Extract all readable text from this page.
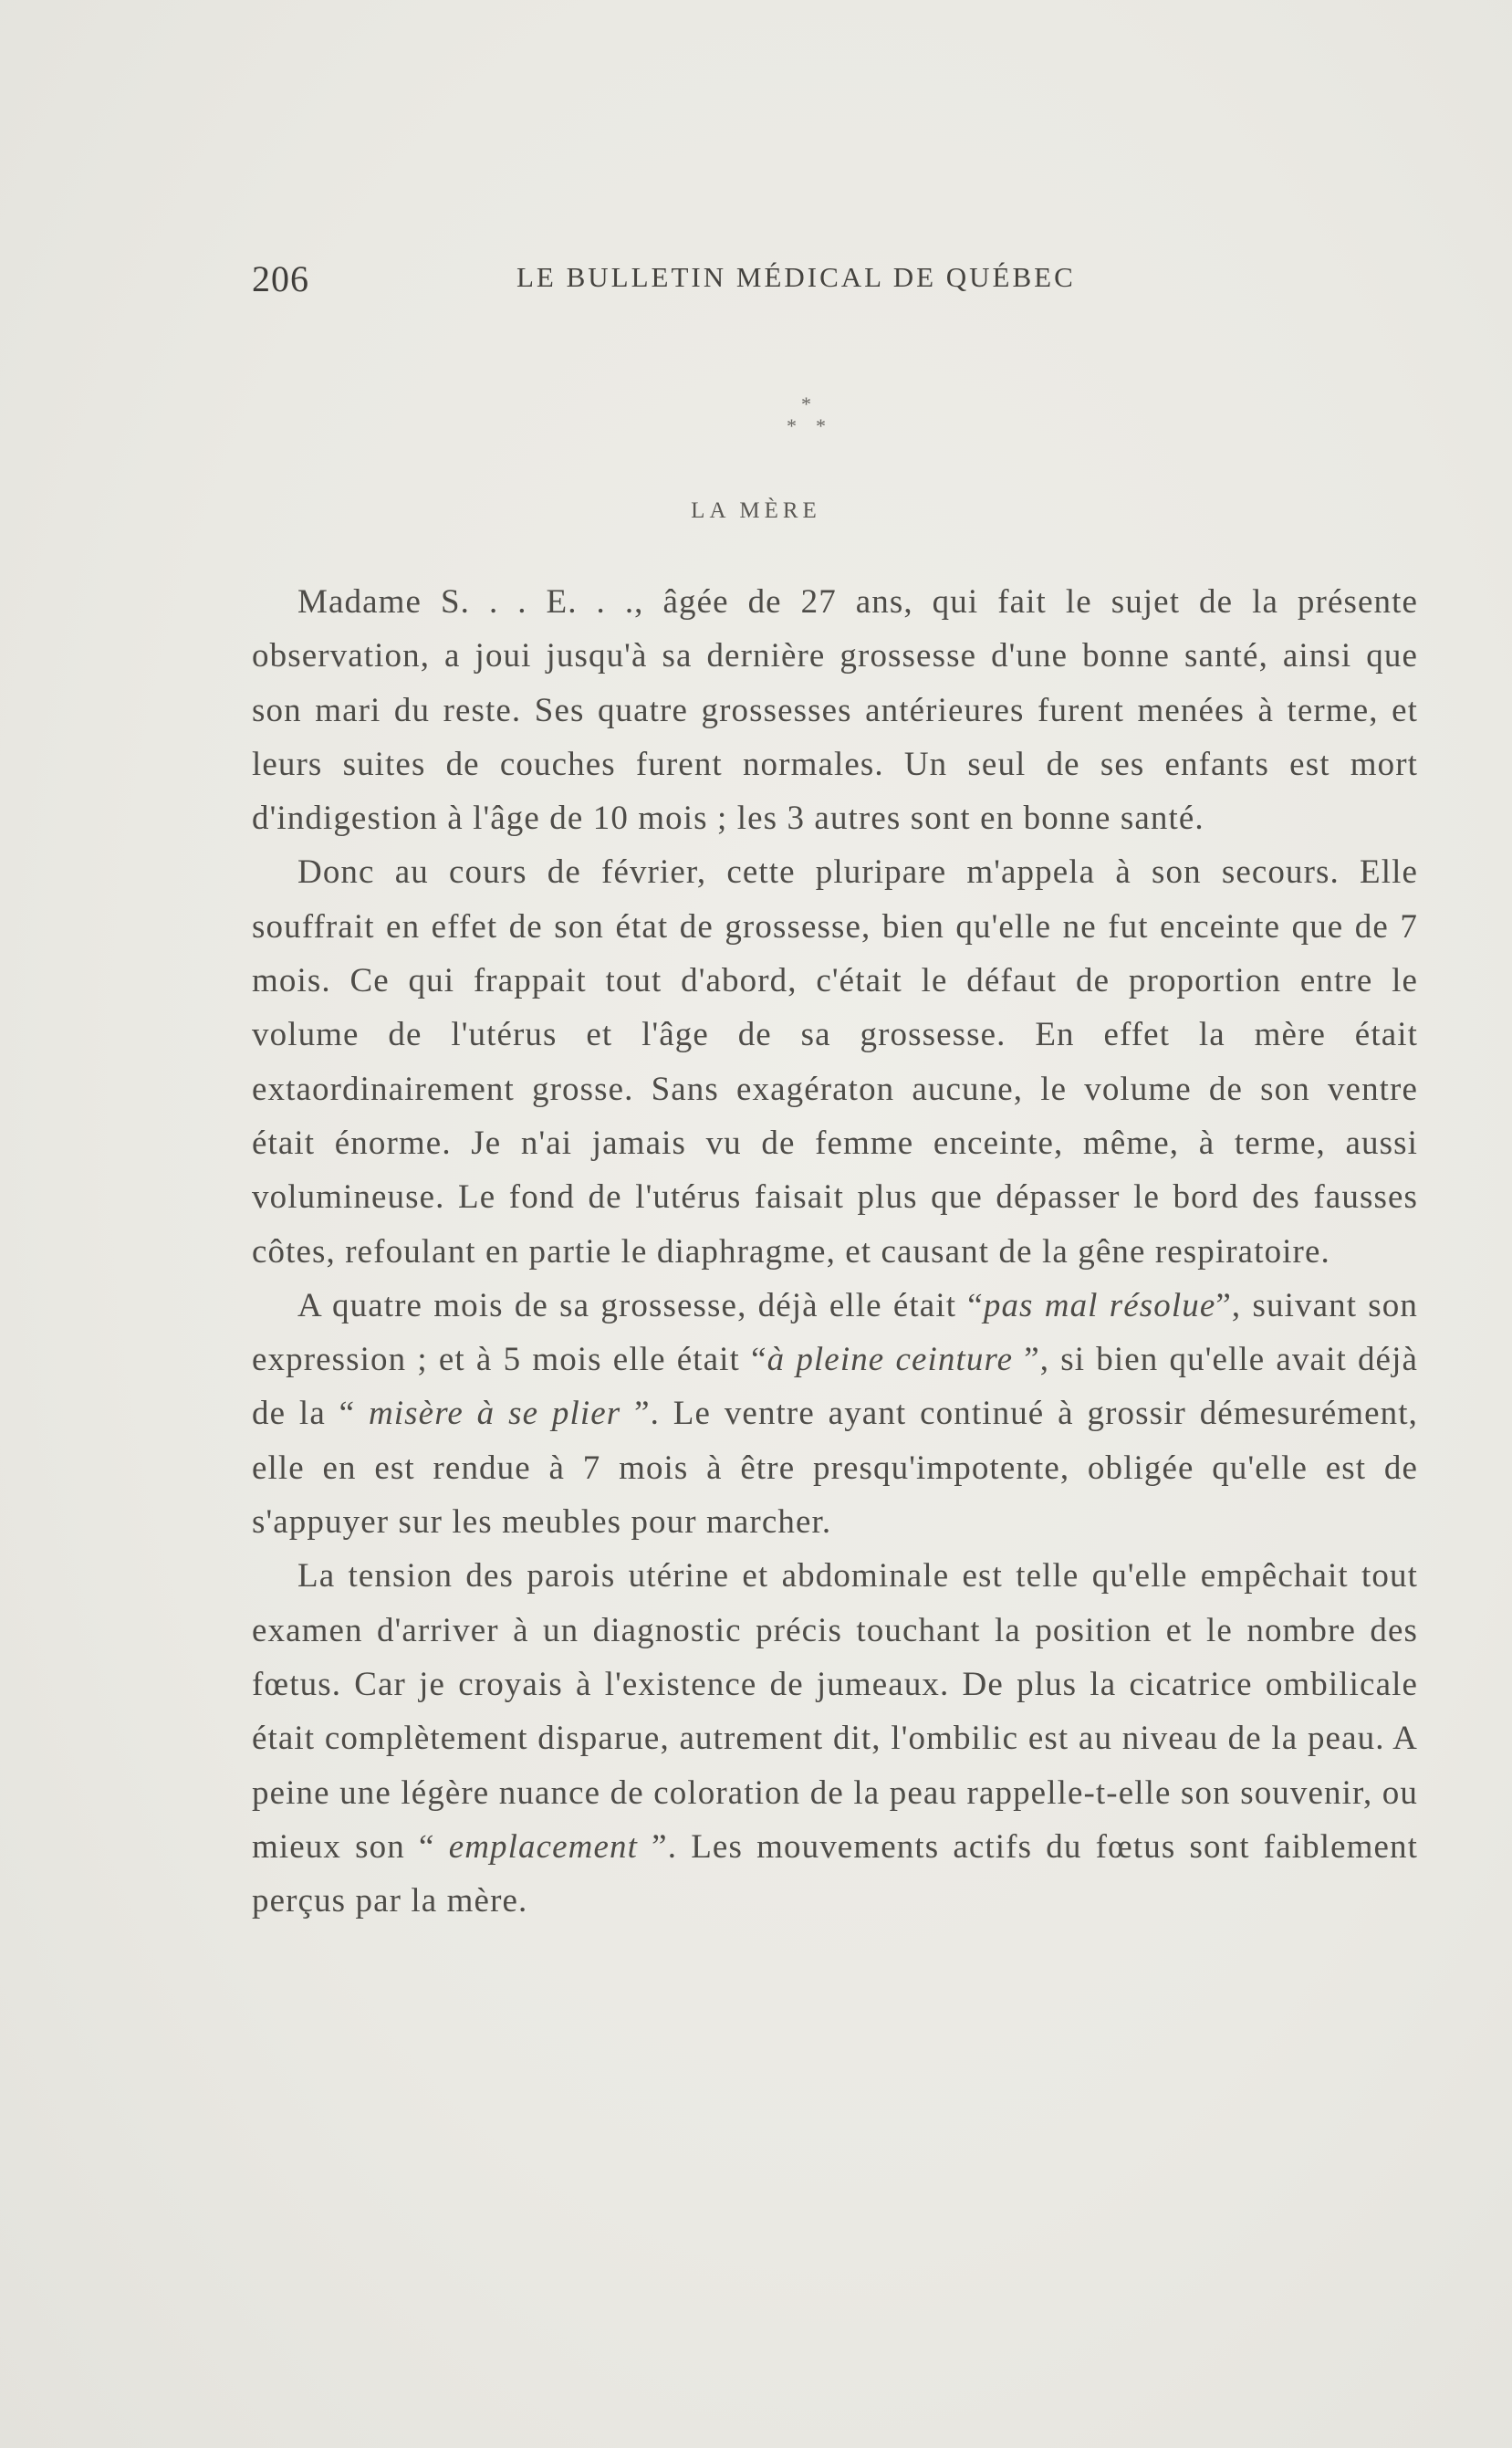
206	LE BULLETIN MÉDICAL DE QUÉBEC
*
* *
LA MÈRE

Madame S. . . E. . ., âgée de 27 ans, qui fait le sujet de la présente observation, a joui jusqu'à sa dernière grossesse d'une bonne santé, ainsi que son mari du reste. Ses quatre grossesses antérieures furent menées à terme, et leurs suites de couches furent normales. Un seul de ses enfants est mort d'indigestion à l'âge de 10 mois ; les 3 autres sont en bonne santé.

Donc au cours de février, cette pluripare m'appela à son secours. Elle souffrait en effet de son état de grossesse, bien qu'elle ne fut enceinte que de 7 mois. Ce qui frappait tout d'abord, c'était le défaut de proportion entre le volume de l'utérus et l'âge de sa grossesse. En effet la mère était extaordinairement grosse. Sans exagératon aucune, le volume de son ventre était énorme. Je n'ai jamais vu de femme enceinte, même, à terme, aussi volumineuse. Le fond de l'utérus faisait plus que dépasser le bord des fausses côtes, refoulant en partie le diaphragme, et causant de la gêne respiratoire.

A quatre mois de sa grossesse, déjà elle était “pas mal résolue”, suivant son expression ; et à 5 mois elle était “à pleine ceinture ”, si bien qu'elle avait déjà de la “ misère à se plier ”. Le ventre ayant continué à grossir démesurément, elle en est rendue à 7 mois à être presqu'impotente, obligée qu'elle est de s'appuyer sur les meubles pour marcher.

La tension des parois utérine et abdominale est telle qu'elle empêchait tout examen d'arriver à un diagnostic précis touchant la position et le nombre des fœtus. Car je croyais à l'existence de jumeaux. De plus la cicatrice ombilicale était complètement disparue, autrement dit, l'ombilic est au niveau de la peau. A peine une légère nuance de coloration de la peau rappelle-t-elle son souvenir, ou mieux son “ emplacement ”. Les mouvements actifs du fœtus sont faiblement perçus par la mère.
